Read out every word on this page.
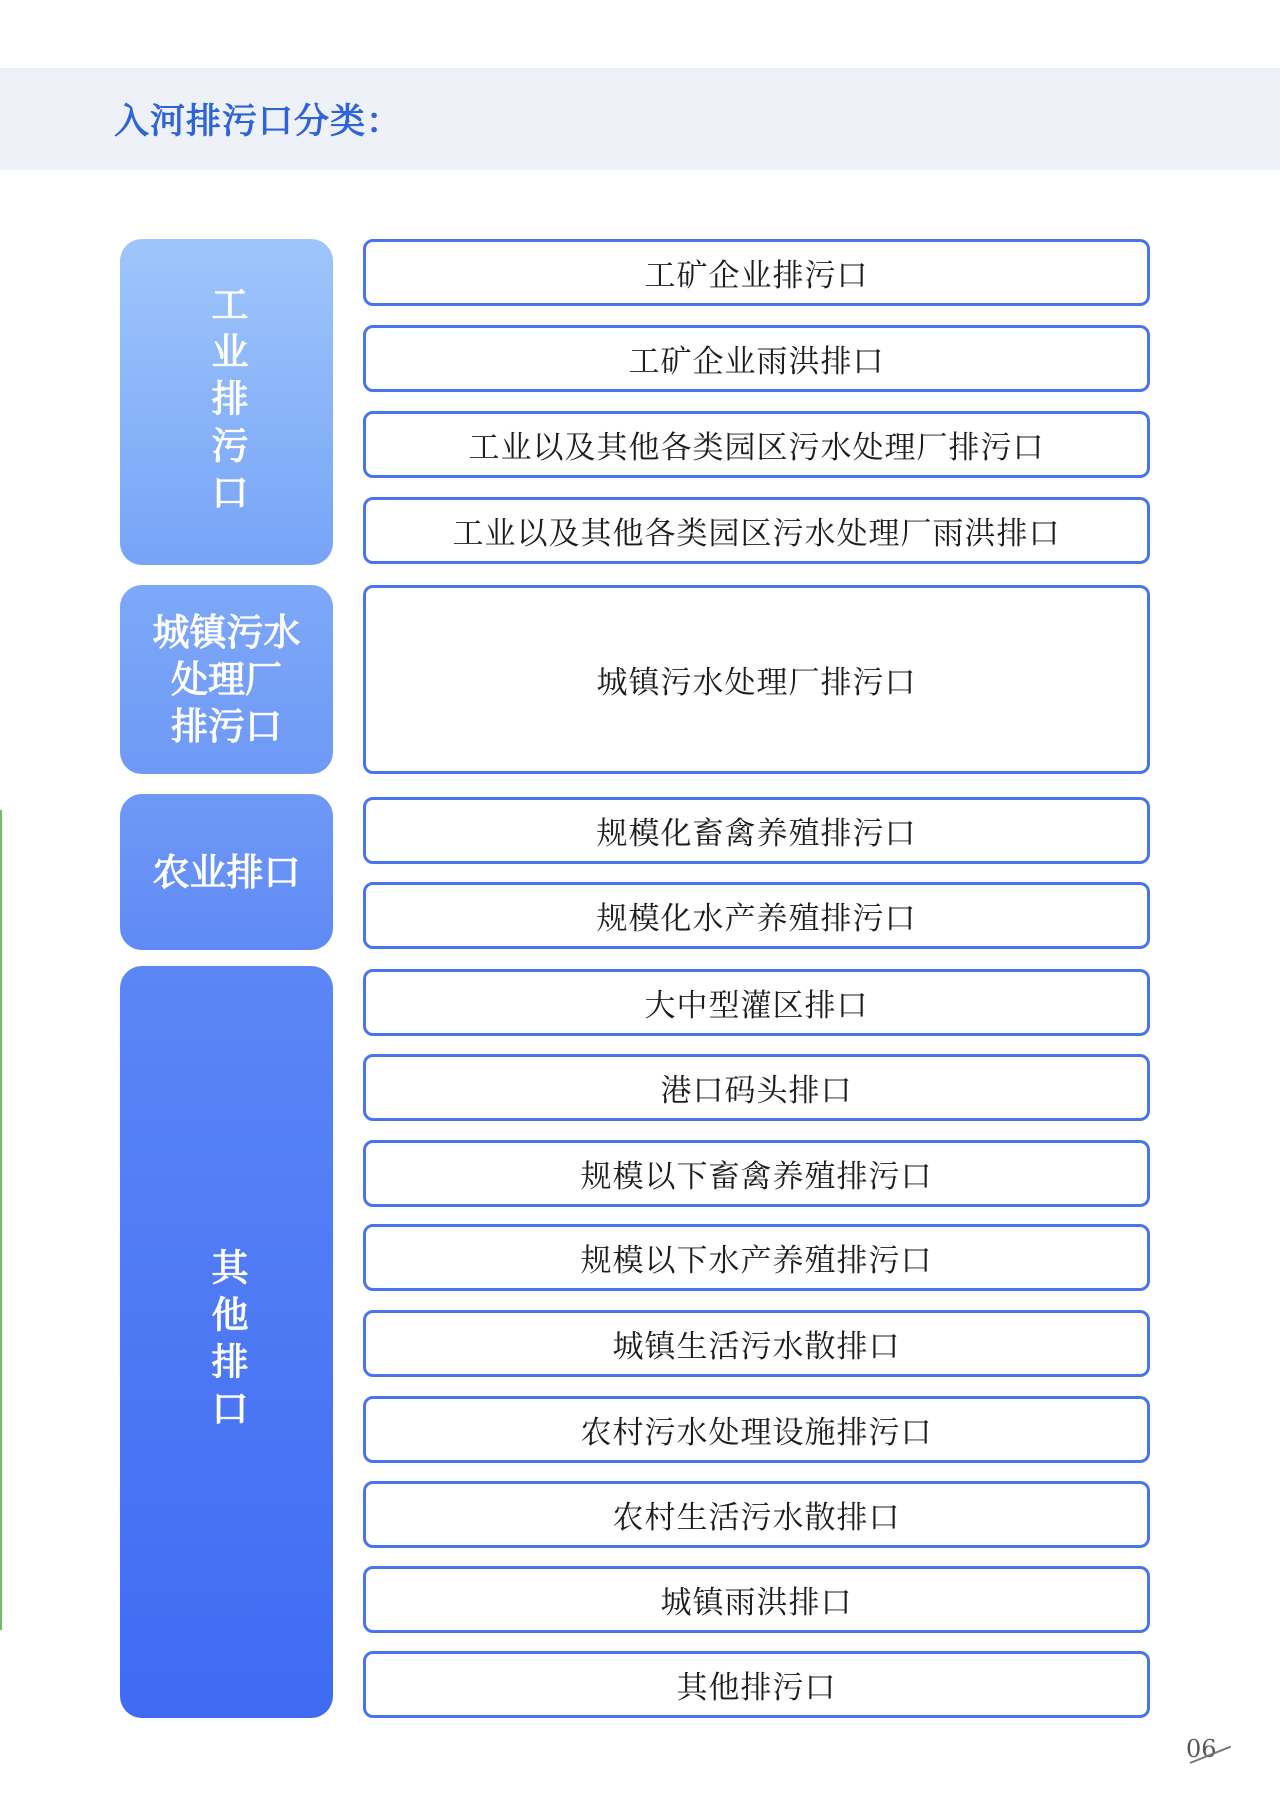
入河排污口分类：
工业排污口
城镇污水
处理厂
排污口
农业排口
其他排口
工矿企业排污口
工矿企业雨洪排口
工业以及其他各类园区污水处理厂排污口
工业以及其他各类园区污水处理厂雨洪排口
城镇污水处理厂排污口
规模化畜禽养殖排污口
规模化水产养殖排污口
大中型灌区排口
港口码头排口
规模以下畜禽养殖排污口
规模以下水产养殖排污口
城镇生活污水散排口
农村污水处理设施排污口
农村生活污水散排口
城镇雨洪排口
其他排污口
06
